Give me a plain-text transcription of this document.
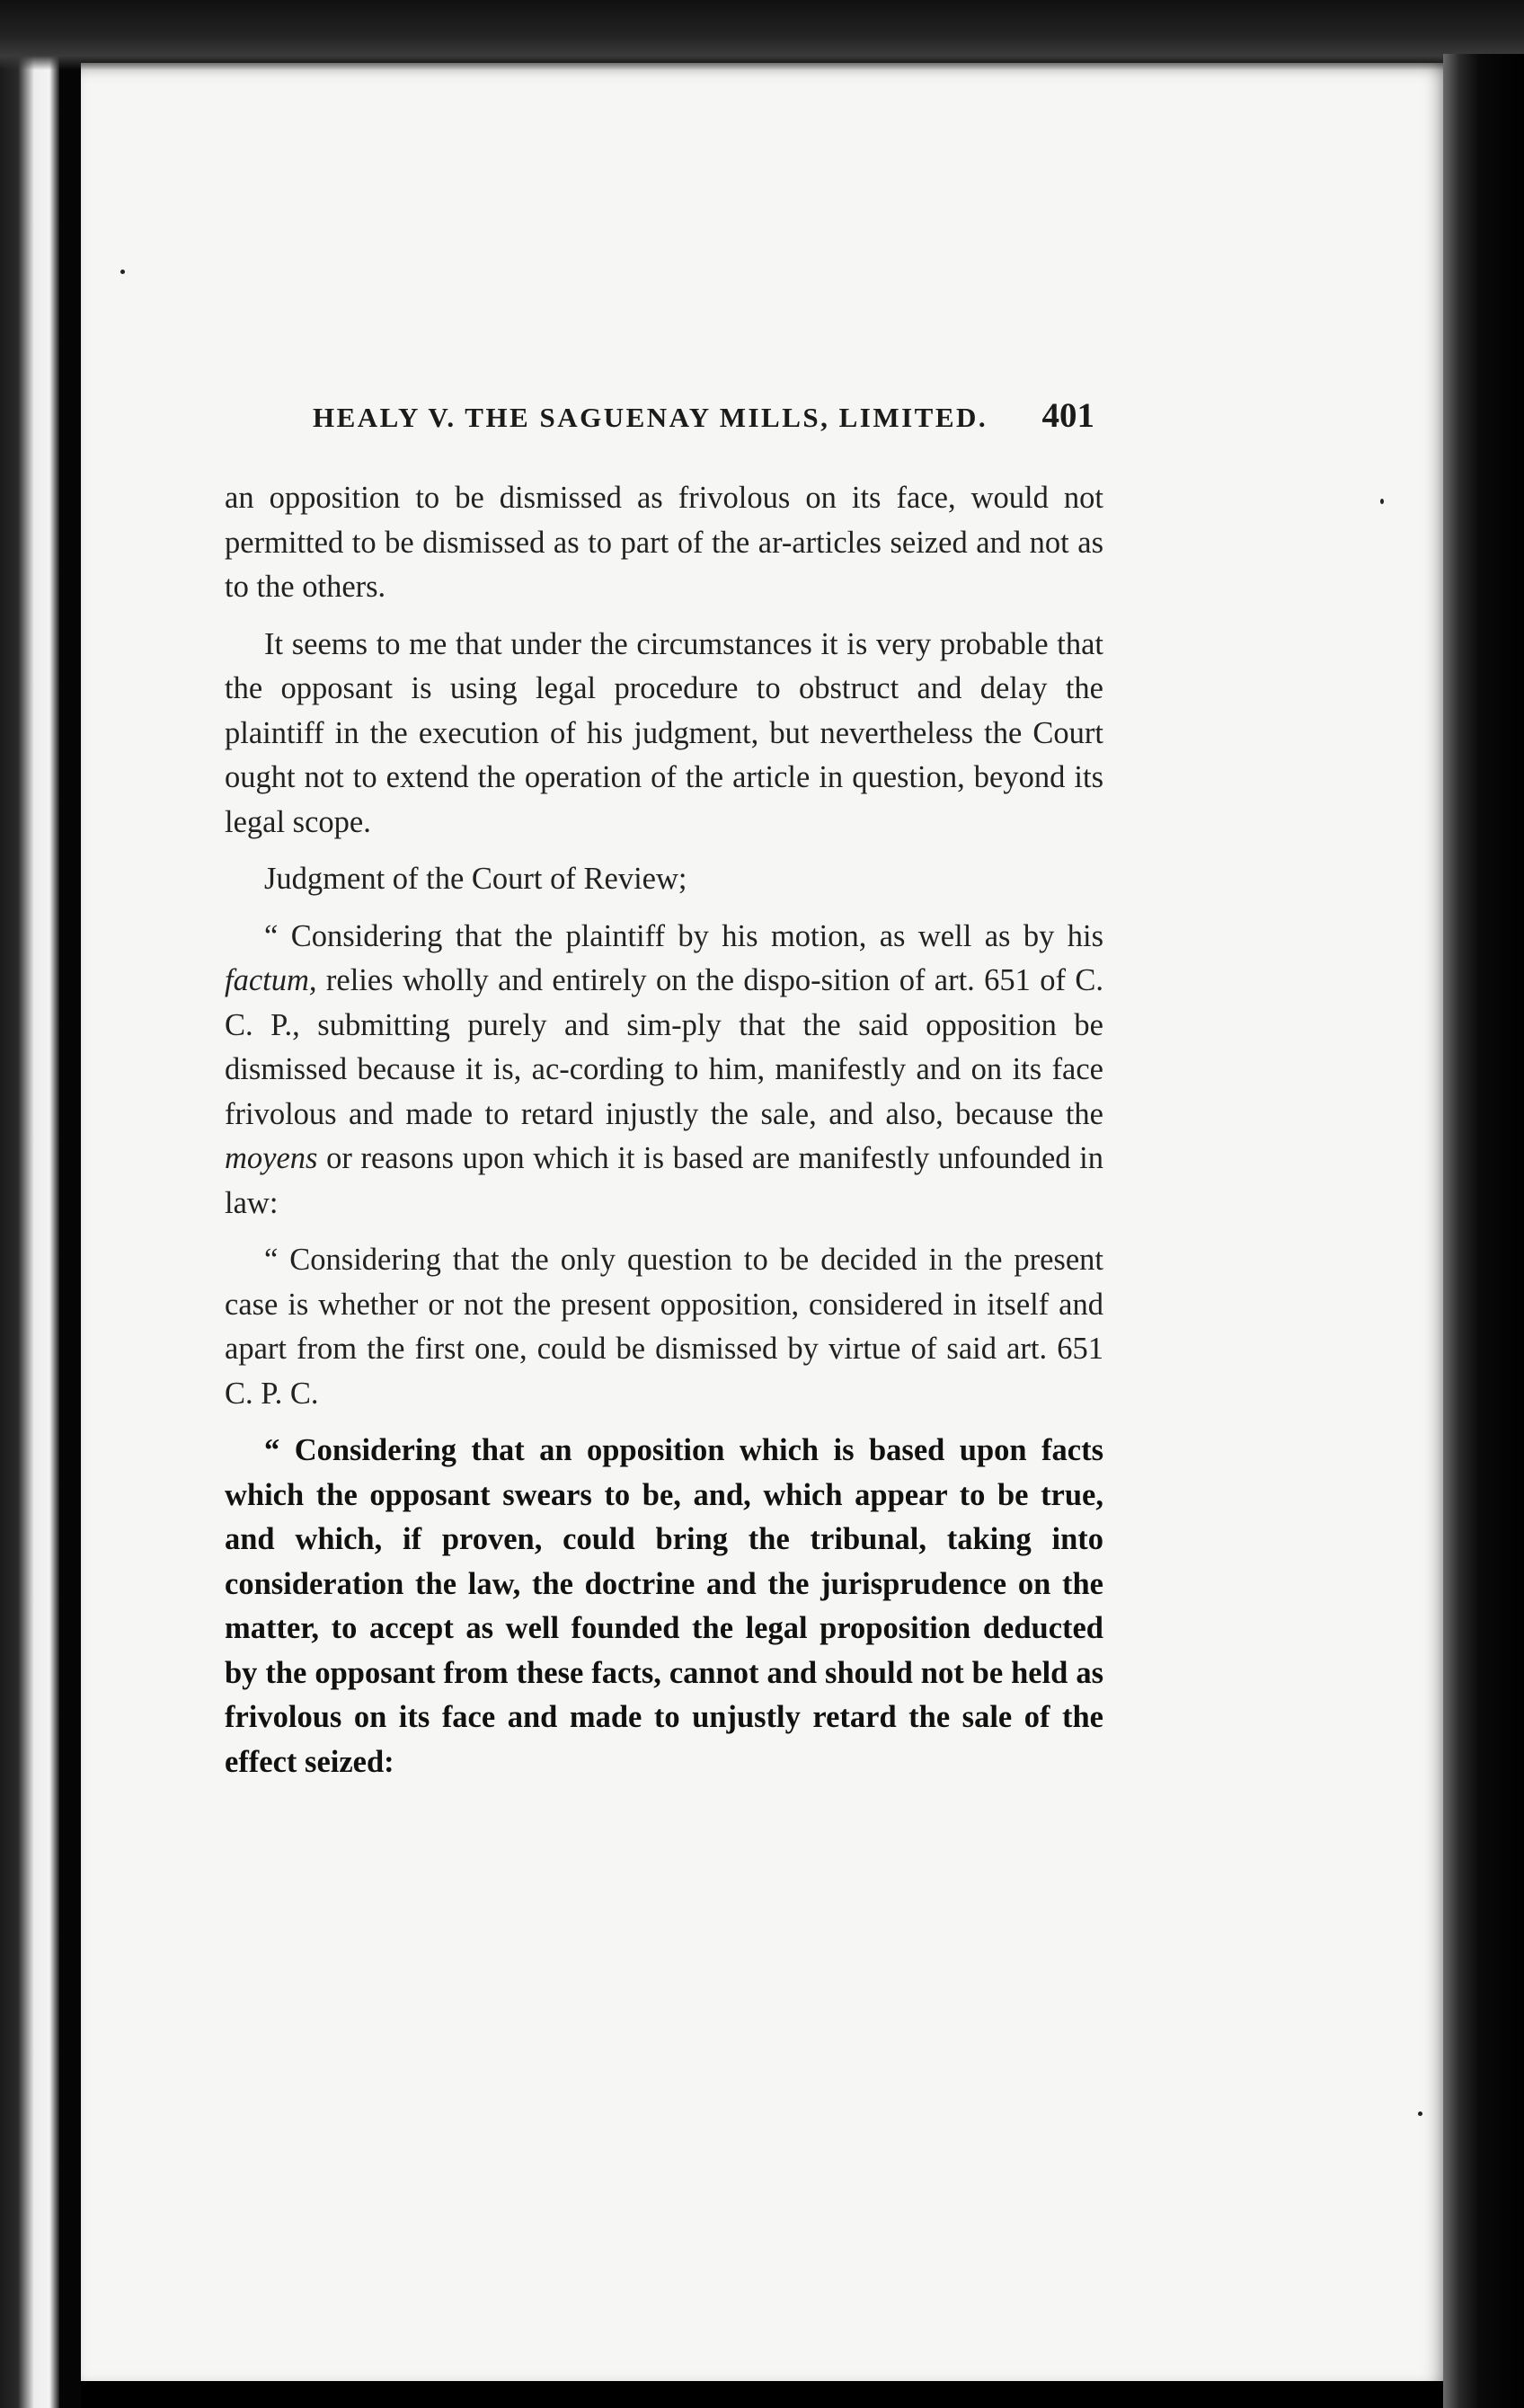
HEALY V. THE SAGUENAY MILLS, LIMITED. 401

an opposition to be dismissed as frivolous on its face, would not permitted to be dismissed as to part of the ar-articles seized and not as to the others.

It seems to me that under the circumstances it is very probable that the opposant is using legal procedure to obstruct and delay the plaintiff in the execution of his judgment, but nevertheless the Court ought not to extend the operation of the article in question, beyond its legal scope.

Judgment of the Court of Review;

“ Considering that the plaintiff by his motion, as well as by his factum, relies wholly and entirely on the dispo-sition of art. 651 of C. C. P., submitting purely and sim-ply that the said opposition be dismissed because it is, ac-cording to him, manifestly and on its face frivolous and made to retard injustly the sale, and also, because the moyens or reasons upon which it is based are manifestly unfounded in law:

“ Considering that the only question to be decided in the present case is whether or not the present opposition, considered in itself and apart from the first one, could be dismissed by virtue of said art. 651 C. P. C.

“ Considering that an opposition which is based upon facts which the opposant swears to be, and, which appear to be true, and which, if proven, could bring the tribunal, taking into consideration the law, the doctrine and the jurisprudence on the matter, to accept as well founded the legal proposition deducted by the opposant from these facts, cannot and should not be held as frivolous on its face and made to unjustly retard the sale of the effect seized:
